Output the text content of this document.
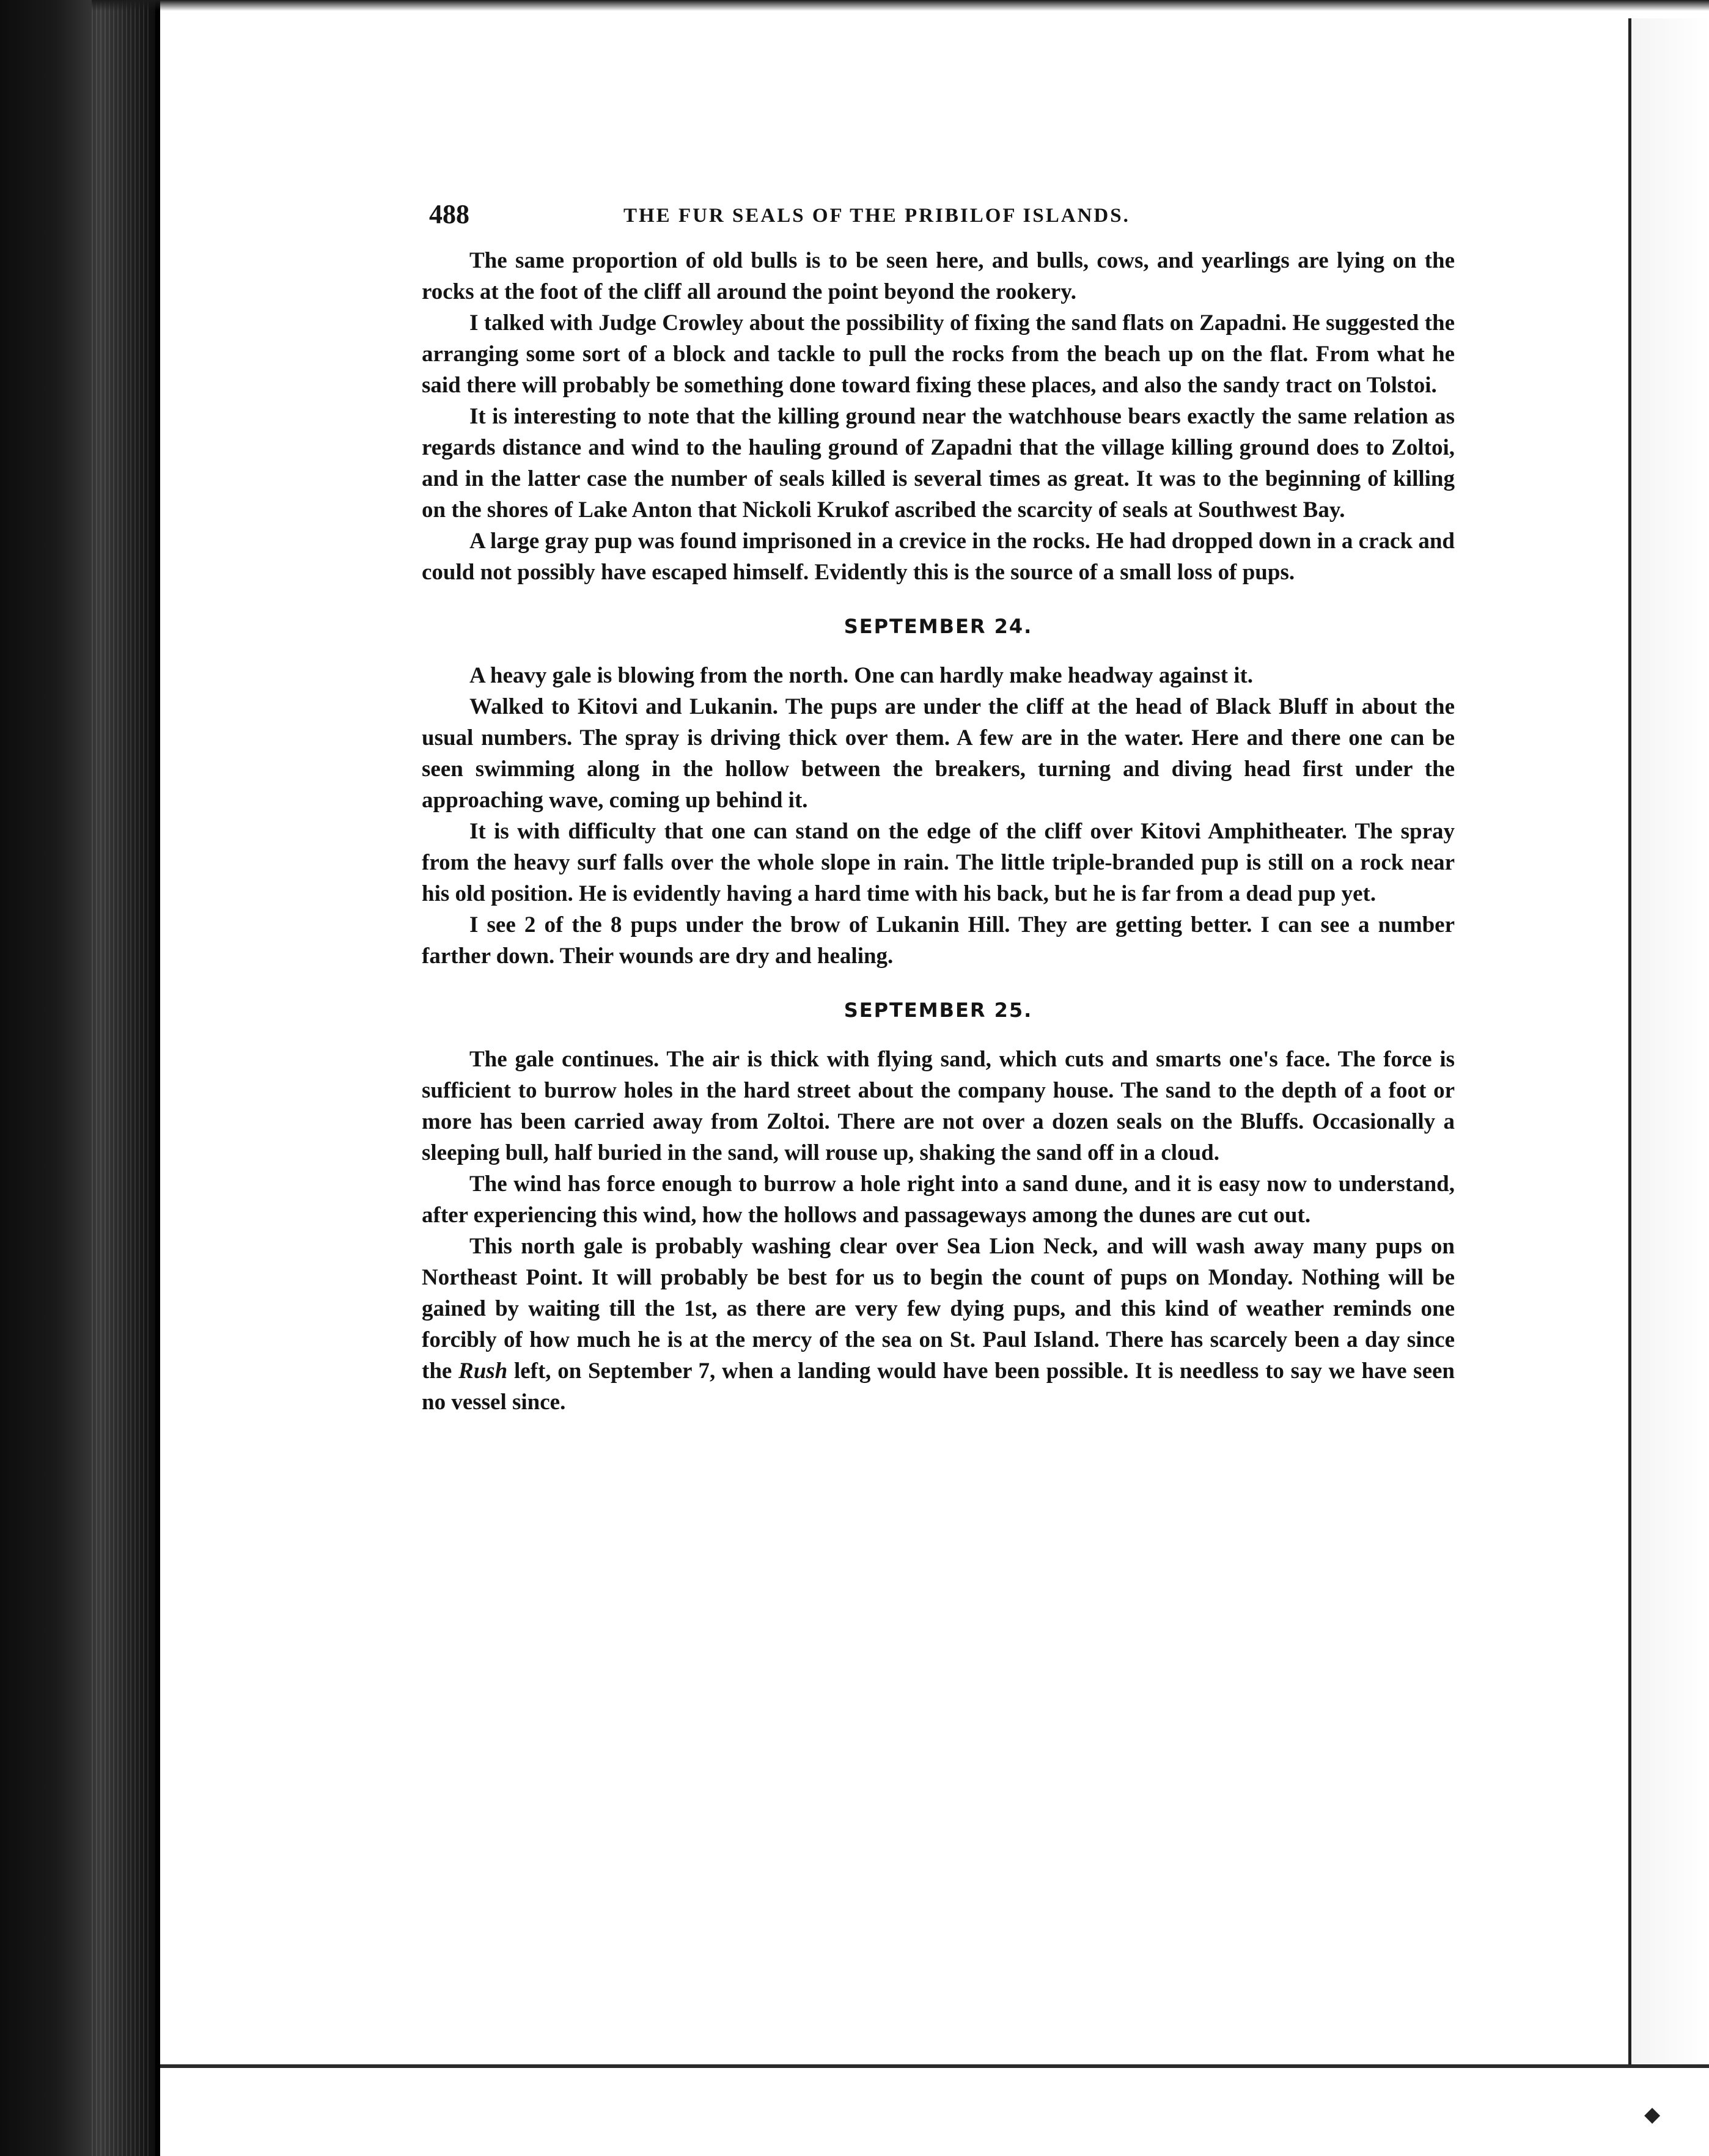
◆
488	THE FUR SEALS OF THE PRIBILOF ISLANDS.

The same proportion of old bulls is to be seen here, and bulls, cows, and yearlings are lying on the rocks at the foot of the cliff all around the point beyond the rookery.

I talked with Judge Crowley about the possibility of fixing the sand flats on Zapadni. He suggested the arranging some sort of a block and tackle to pull the rocks from the beach up on the flat. From what he said there will probably be something done toward fixing these places, and also the sandy tract on Tolstoi.

It is interesting to note that the killing ground near the watchhouse bears exactly the same relation as regards distance and wind to the hauling ground of Zapadni that the village killing ground does to Zoltoi, and in the latter case the number of seals killed is several times as great. It was to the beginning of killing on the shores of Lake Anton that Nickoli Krukof ascribed the scarcity of seals at Southwest Bay.

A large gray pup was found imprisoned in a crevice in the rocks. He had dropped down in a crack and could not possibly have escaped himself. Evidently this is the source of a small loss of pups.

SEPTEMBER 24.

A heavy gale is blowing from the north. One can hardly make headway against it.

Walked to Kitovi and Lukanin. The pups are under the cliff at the head of Black Bluff in about the usual numbers. The spray is driving thick over them. A few are in the water. Here and there one can be seen swimming along in the hollow between the breakers, turning and diving head first under the approaching wave, coming up behind it.

It is with difficulty that one can stand on the edge of the cliff over Kitovi Amphitheater. The spray from the heavy surf falls over the whole slope in rain. The little triple-branded pup is still on a rock near his old position. He is evidently having a hard time with his back, but he is far from a dead pup yet.

I see 2 of the 8 pups under the brow of Lukanin Hill. They are getting better. I can see a number farther down. Their wounds are dry and healing.

SEPTEMBER 25.

The gale continues. The air is thick with flying sand, which cuts and smarts one's face. The force is sufficient to burrow holes in the hard street about the company house. The sand to the depth of a foot or more has been carried away from Zoltoi. There are not over a dozen seals on the Bluffs. Occasionally a sleeping bull, half buried in the sand, will rouse up, shaking the sand off in a cloud.

The wind has force enough to burrow a hole right into a sand dune, and it is easy now to understand, after experiencing this wind, how the hollows and passageways among the dunes are cut out.

This north gale is probably washing clear over Sea Lion Neck, and will wash away many pups on Northeast Point. It will probably be best for us to begin the count of pups on Monday. Nothing will be gained by waiting till the 1st, as there are very few dying pups, and this kind of weather reminds one forcibly of how much he is at the mercy of the sea on St. Paul Island. There has scarcely been a day since the Rush left, on September 7, when a landing would have been possible. It is needless to say we have seen no vessel since.
